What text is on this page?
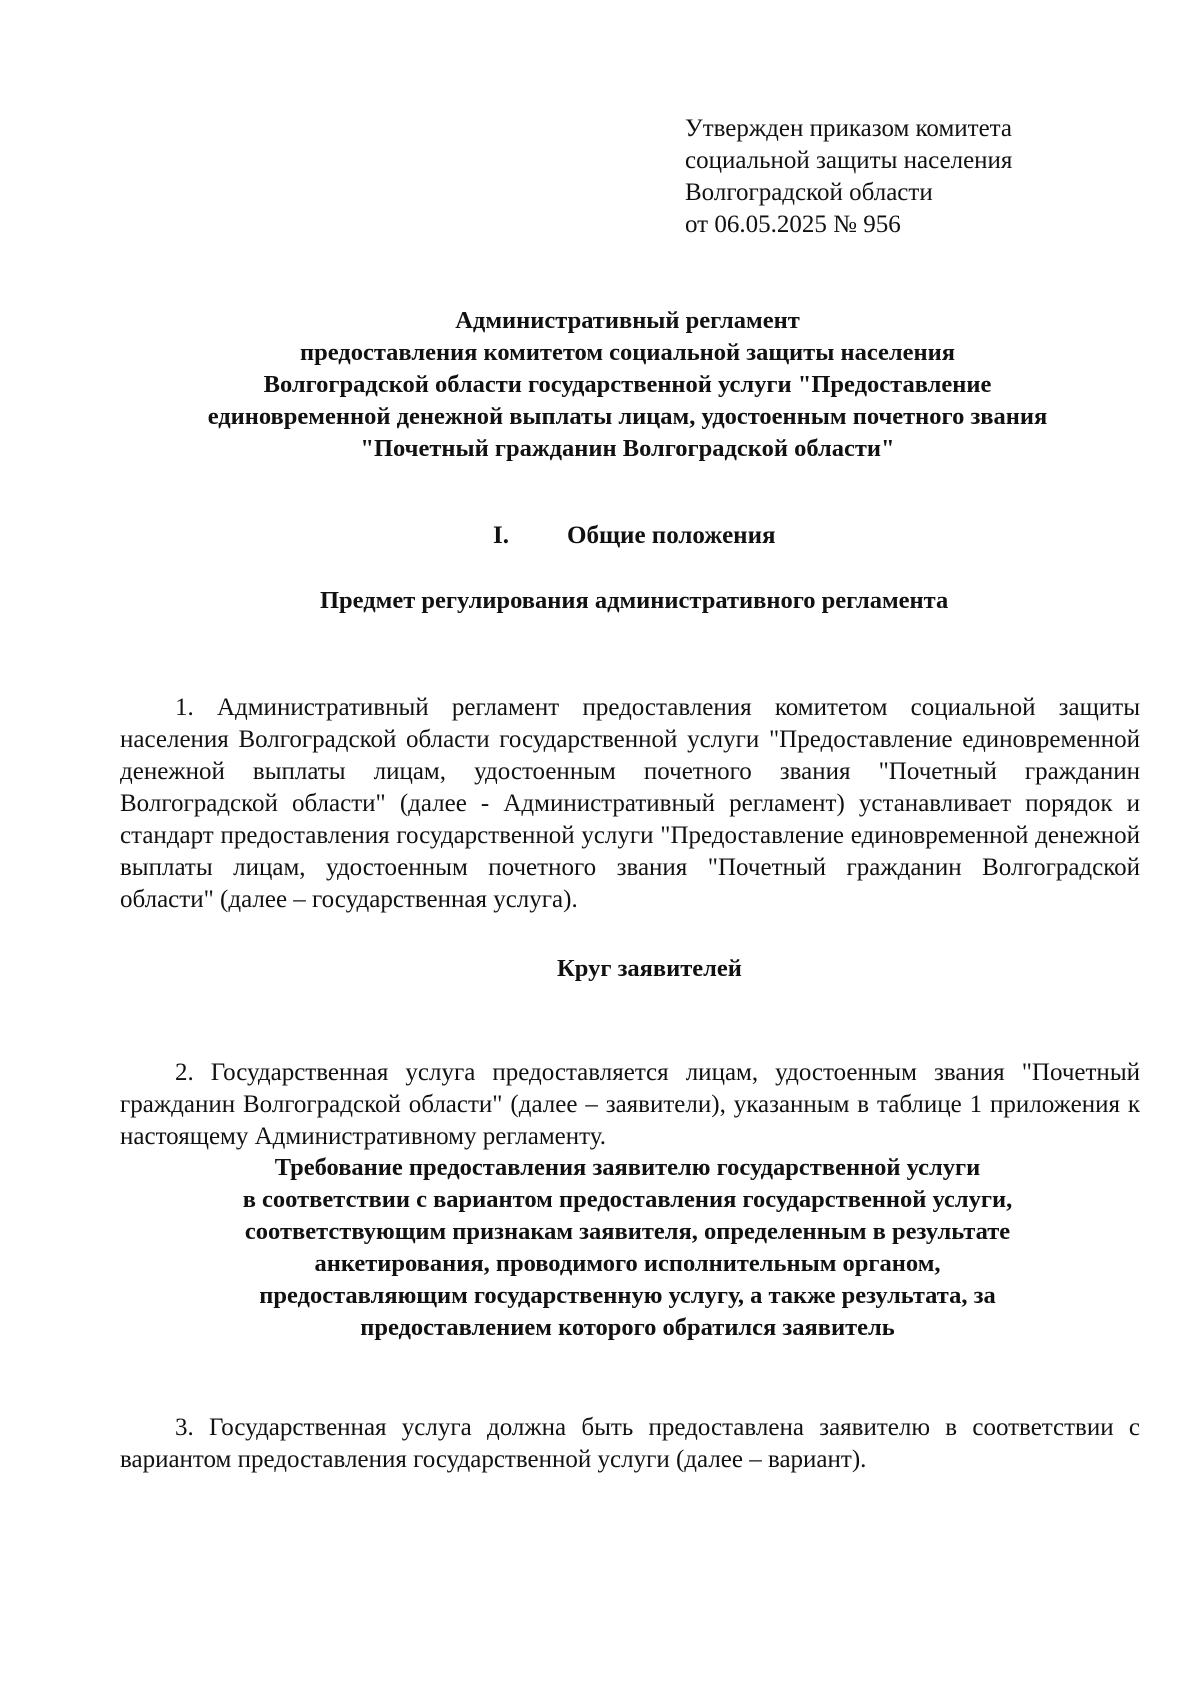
Утвержден приказом комитета
социальной защиты населения
Волгоградской области
от 06.05.2025 № 956
Административный регламент
предоставления комитетом социальной защиты населения
Волгоградской области государственной услуги "Предоставление
единовременной денежной выплаты лицам, удостоенным почетного звания
"Почетный гражданин Волгоградской области"
I. Общие положения
Предмет регулирования административного регламента

1. Административный регламент предоставления комитетом социальной защиты населения Волгоградской области государственной услуги "Предоставление единовременной денежной выплаты лицам, удостоенным почетного звания "Почетный гражданин Волгоградской области" (далее - Административный регламент) устанавливает порядок и стандарт предоставления государственной услуги "Предоставление единовременной денежной выплаты лицам, удостоенным почетного звания "Почетный гражданин Волгоградской области" (далее – государственная услуга).

Круг заявителей

2. Государственная услуга предоставляется лицам, удостоенным звания "Почетный гражданин Волгоградской области" (далее – заявители), указанным в таблице 1 приложения к настоящему Административному регламенту.

Требование предоставления заявителю государственной услуги
в соответствии с вариантом предоставления государственной услуги,
соответствующим признакам заявителя, определенным в результате
анкетирования, проводимого исполнительным органом,
предоставляющим государственную услугу, а также результата, за
предоставлением которого обратился заявитель

3. Государственная услуга должна быть предоставлена заявителю в соответствии с вариантом предоставления государственной услуги (далее – вариант).
